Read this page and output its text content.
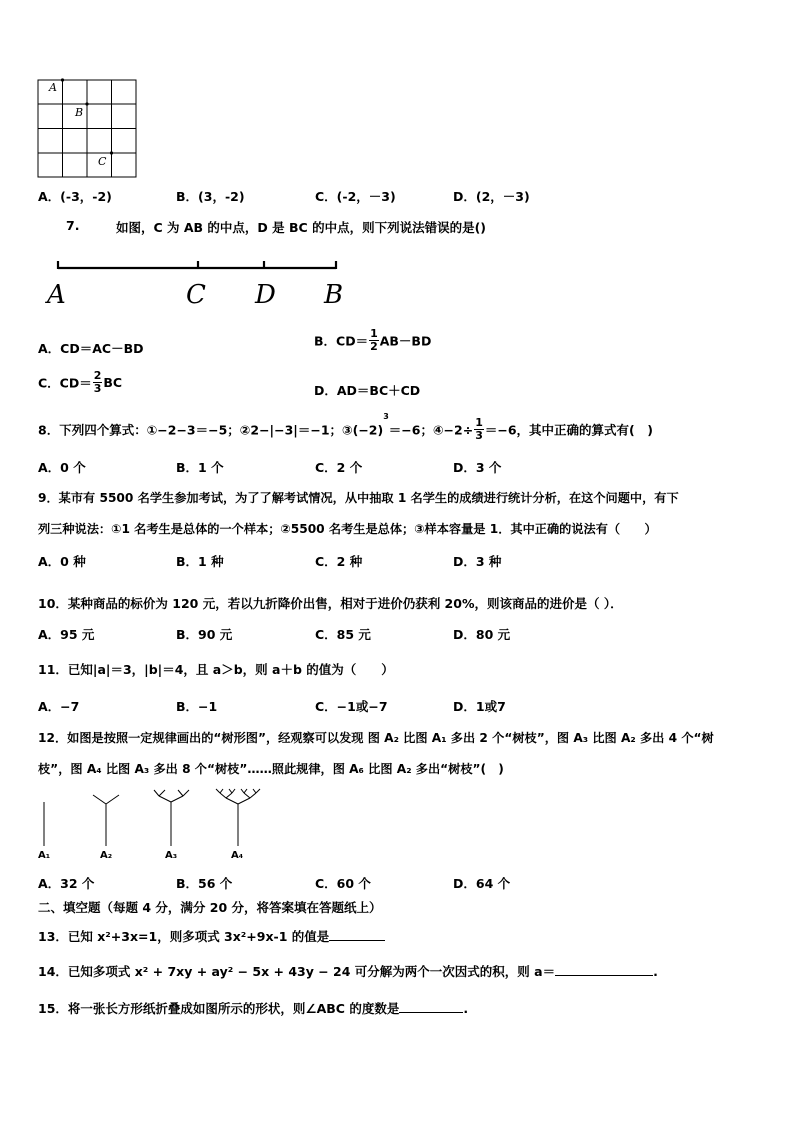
A
B
C
A．(-3，-2)	B．(3，-2)	C．(-2，－3)	D．(2，－3)
7.	如图，C 为 AB 的中点，D 是 BC 的中点，则下列说法错误的是()
A	C D B
A．CD＝AC－BD	B．$CD= \frac{1}{2} AB-BD$
C．$CD= \frac{2}{3}$ BC
D．AD＝BC＋CD
8．下列四个算式：①−2−3＝−5；②2−|−3|＝−1；$③(-2)^3=-6$；④−2÷ $\frac{1}{3} =-6$，其中正确的算式有(　)
A．0 个	B．1 个	C．2 个	D．3 个
9．某市有 5500 名学生参加考试，为了了解考试情况，从中抽取 1 名学生的成绩进行统计分析，在这个问题中，有下
列三种说法：①1 名考生是总体的一个样本；②5500 名考生是总体；③样本容量是 1．其中正确的说法有（　　）
A．0 种	B．1 种	C．2 种	D．3 种
10．某种商品的标价为 120 元，若以九折降价出售，相对于进价仍获利 20%，则该商品的进价是（ ）．
A．95 元	B．90 元	C．85 元	D．80 元
11．已知|a|＝3，|b|＝4，且 a＞b，则 a＋b 的值为（　　）
A．−7	B．−1	C．−1或−7	D．1或7
12．如图是按照一定规律画出的“树形图”，经观察可以发现 图 A₂ 比图 A₁ 多出 2 个“树枝”，图 A₃ 比图 A₂ 多出 4 个“树
枝”，图 A₄ 比图 A₃ 多出 8 个“树枝”……照此规律，图 A₆ 比图 A₂ 多出“树枝”(　)
A₁	A₂	A₃	A₄
A．32 个	B．56 个	C．60 个	D．64 个
二、填空题（每题 4 分，满分 20 分，将答案填在答题纸上）
13．已知 x²+3x=1，则多项式 3x²+9x-1 的值是
14．已知多项式 x² + 7xy + ay² − 5x + 43y − 24 可分解为两个一次因式的积，则 a＝	.
15．将一张长方形纸折叠成如图所示的形状，则∠ABC 的度数是	.
